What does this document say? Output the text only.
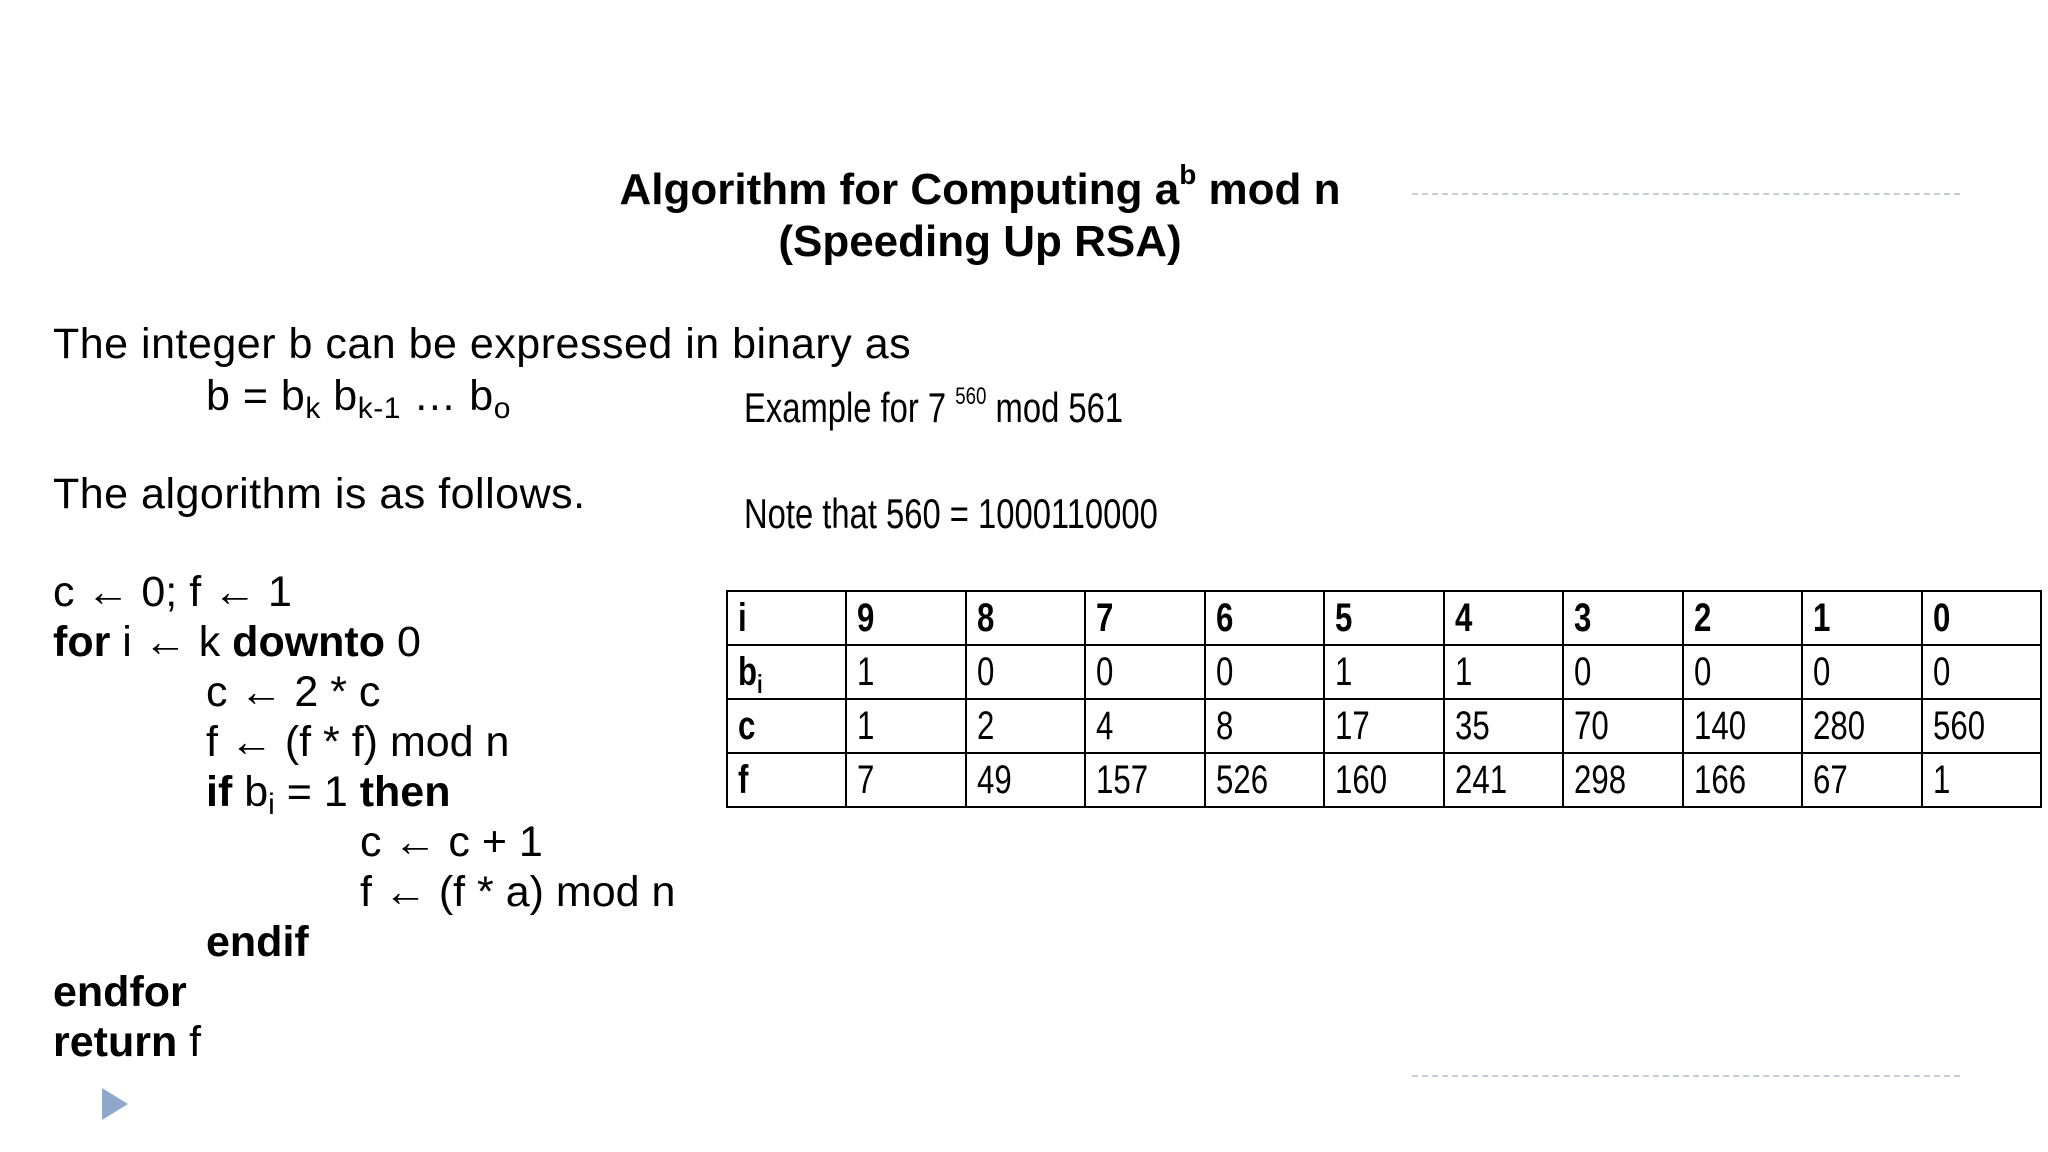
Algorithm for Computing $a^b$ mod n
(Speeding Up RSA)
The integer b can be expressed in binary as
$b = b_k$ $b_{k-1}$ … $b_o$	Example for 7 $^{560}$ mod 561
The algorithm is as follows.	Note that 560 = 1000110000
c ← 0; f ← 1
for i ← k downto 0
c ← 2 * c
f ← (f * f) mod n
if $b_i = 1$ then
c ← c + 1
f ← (f * a) mod n
endif
endfor
return f
i	9	8	7	6	5	4	3	2	1	0
$b_i$	1	0	0	0	1	1	0	0	0	0
c	1	2	4	8	17	35	70	140	280	560
f	7	49	157	526	160	241	298	166	67	1
